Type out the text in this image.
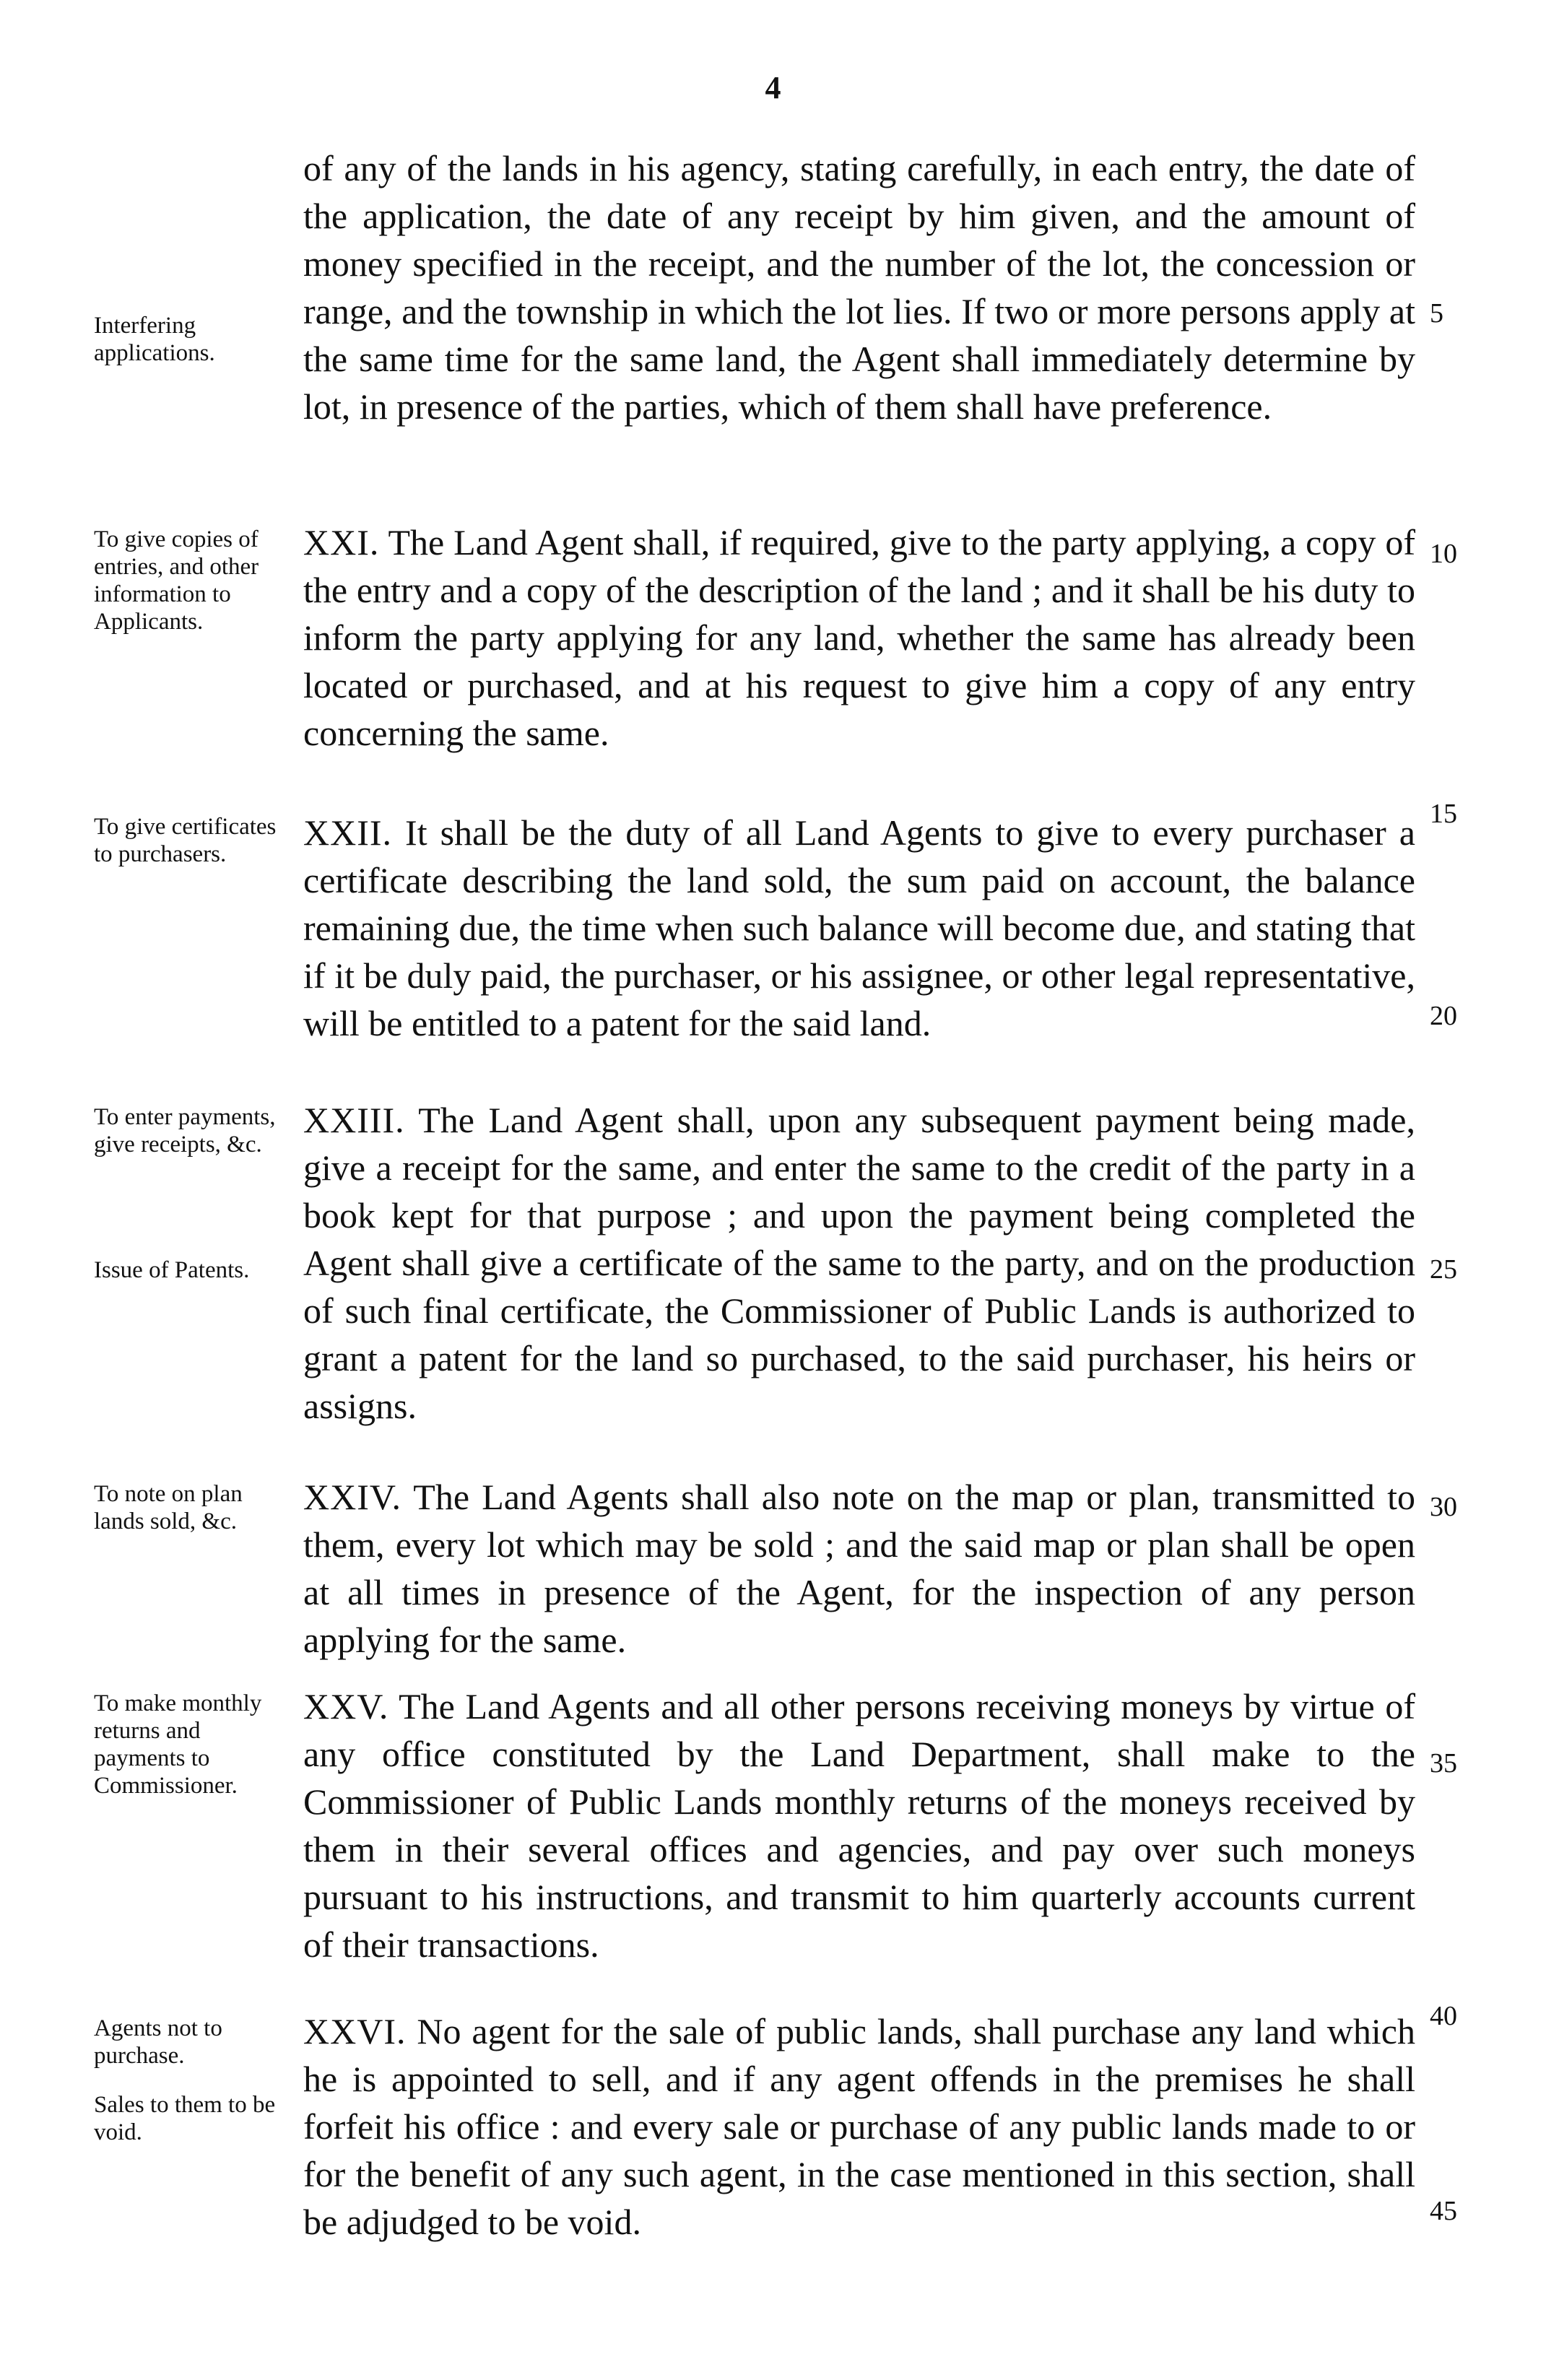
4

of any of the lands in his agency, stating carefully, in each entry, the date of the application, the date of any receipt by him given, and the amount of money specified in the receipt, and the number of the lot, the concession or range, and the township in which the lot lies. If two or more persons apply at the same time for the same land, the Agent shall immediately determine by lot, in presence of the parties, which of them shall have preference.

XXI. The Land Agent shall, if required, give to the party applying, a copy of the entry and a copy of the description of the land ; and it shall be his duty to inform the party applying for any land, whether the same has already been located or purchased, and at his request to give him a copy of any entry concerning the same.

XXII. It shall be the duty of all Land Agents to give to every purchaser a certificate describing the land sold, the sum paid on account, the balance remaining due, the time when such balance will become due, and stating that if it be duly paid, the purchaser, or his assignee, or other legal representative, will be entitled to a patent for the said land.

XXIII. The Land Agent shall, upon any subsequent payment being made, give a receipt for the same, and enter the same to the credit of the party in a book kept for that purpose ; and upon the payment being completed the Agent shall give a certificate of the same to the party, and on the production of such final certificate, the Commissioner of Public Lands is authorized to grant a patent for the land so purchased, to the said purchaser, his heirs or assigns.

XXIV. The Land Agents shall also note on the map or plan, transmitted to them, every lot which may be sold ; and the said map or plan shall be open at all times in presence of the Agent, for the inspection of any person applying for the same.

XXV. The Land Agents and all other persons receiving moneys by virtue of any office constituted by the Land Department, shall make to the Commissioner of Public Lands monthly returns of the moneys received by them in their several offices and agencies, and pay over such moneys pursuant to his instructions, and transmit to him quarterly accounts current of their transactions.

XXVI. No agent for the sale of public lands, shall purchase any land which he is appointed to sell, and if any agent offends in the premises he shall forfeit his office : and every sale or purchase of any public lands made to or for the benefit of any such agent, in the case mentioned in this section, shall be adjudged to be void.

Interfering applications.
To give copies of entries, and other information to Applicants.
To give certificates to purchasers.
To enter payments, give receipts, &c.
Issue of Patents.
To note on plan lands sold, &c.
To make monthly returns and payments to Commissioner.
Agents not to purchase.
Sales to them to be void.
5
10
15
20
25
30
35
40
45
